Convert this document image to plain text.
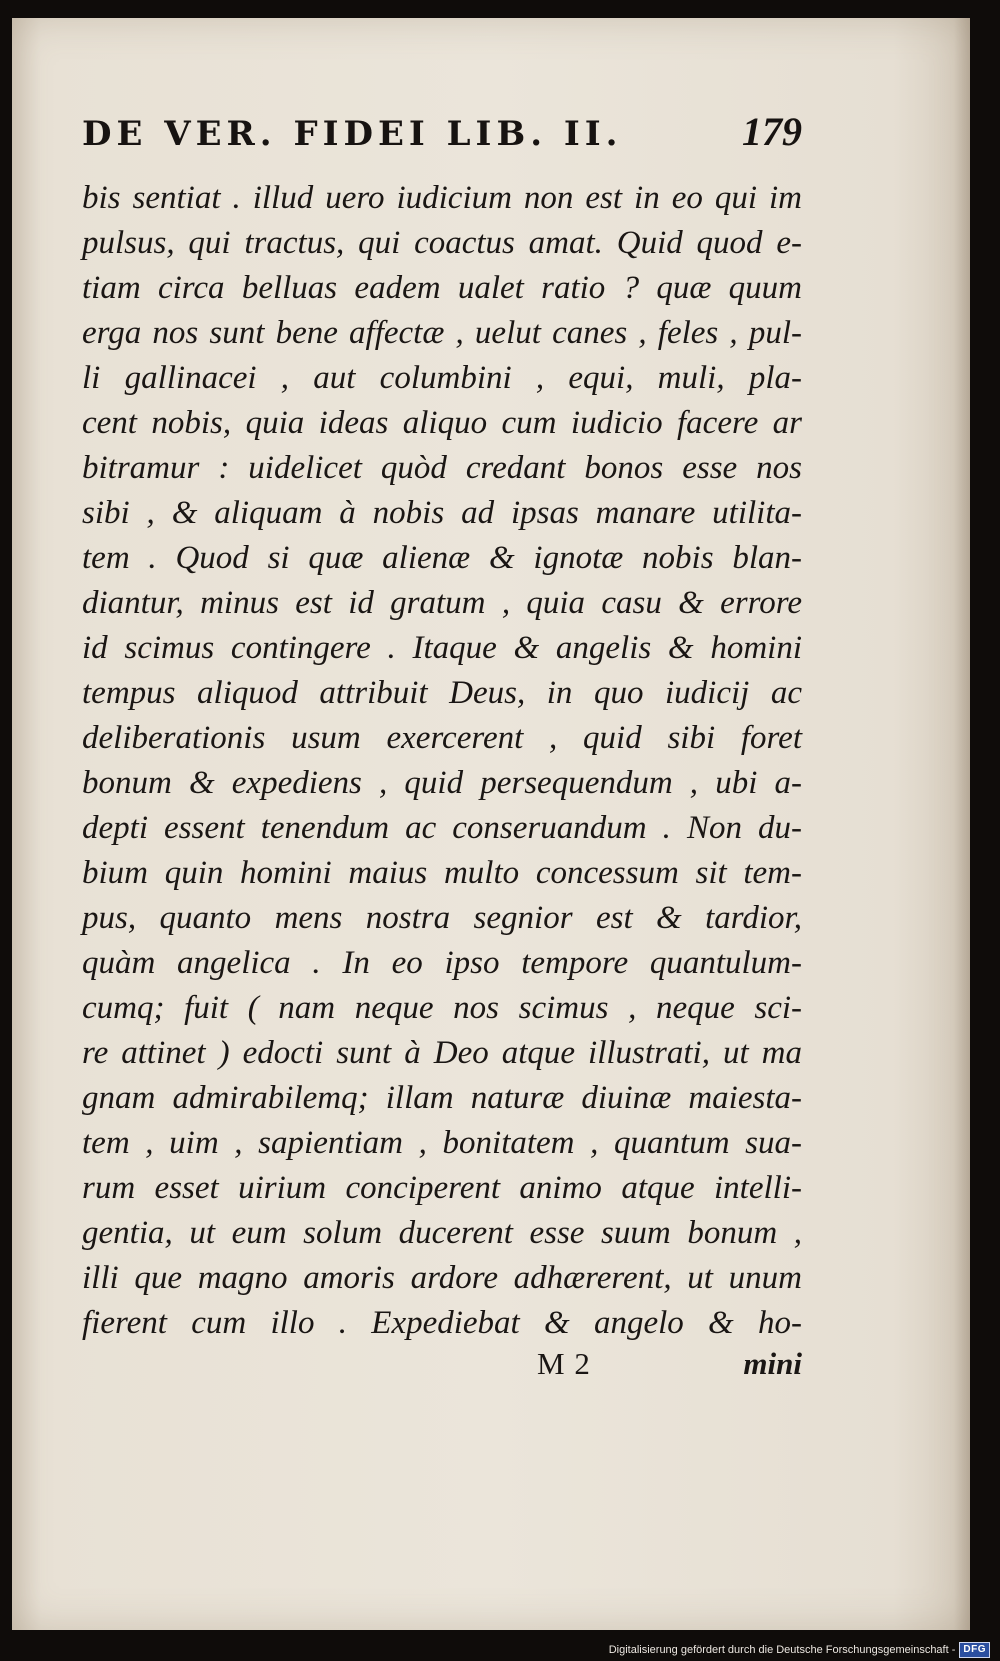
DE VER. FIDEI LIB. II.	179
bis sentiat . illud uero iudicium non est in eo qui im
pulsus, qui tractus, qui coactus amat. Quid quod e-
tiam circa belluas eadem ualet ratio ? quæ quum
erga nos sunt bene affectæ , uelut canes , feles , pul-
li gallinacei , aut columbini , equi, muli, pla-
cent nobis, quia ideas aliquo cum iudicio facere ar
bitramur : uidelicet quòd credant bonos esse nos
sibi , & aliquam à nobis ad ipsas manare utilita-
tem . Quod si quæ alienæ & ignotæ nobis blan-
diantur, minus est id gratum , quia casu & errore
id scimus contingere . Itaque & angelis & homini
tempus aliquod attribuit Deus, in quo iudicij ac
deliberationis usum exercerent , quid sibi foret
bonum & expediens , quid persequendum , ubi a-
depti essent tenendum ac conseruandum . Non du-
bium quin homini maius multo concessum sit tem-
pus, quanto mens nostra segnior est & tardior,
quàm angelica . In eo ipso tempore quantulum-
cumq; fuit ( nam neque nos scimus , neque sci-
re attinet ) edocti sunt à Deo atque illustrati, ut ma
gnam admirabilemq; illam naturæ diuinæ maiesta-
tem , uim , sapientiam , bonitatem , quantum sua-
rum esset uirium conciperent animo atque intelli-
gentia, ut eum solum ducerent esse suum bonum ,
illi que magno amoris ardore adhærerent, ut unum
fierent cum illo . Expediebat & angelo & ho-
M 2	mini
Digitalisierung gefördert durch die Deutsche Forschungsgemeinschaft - DFG
